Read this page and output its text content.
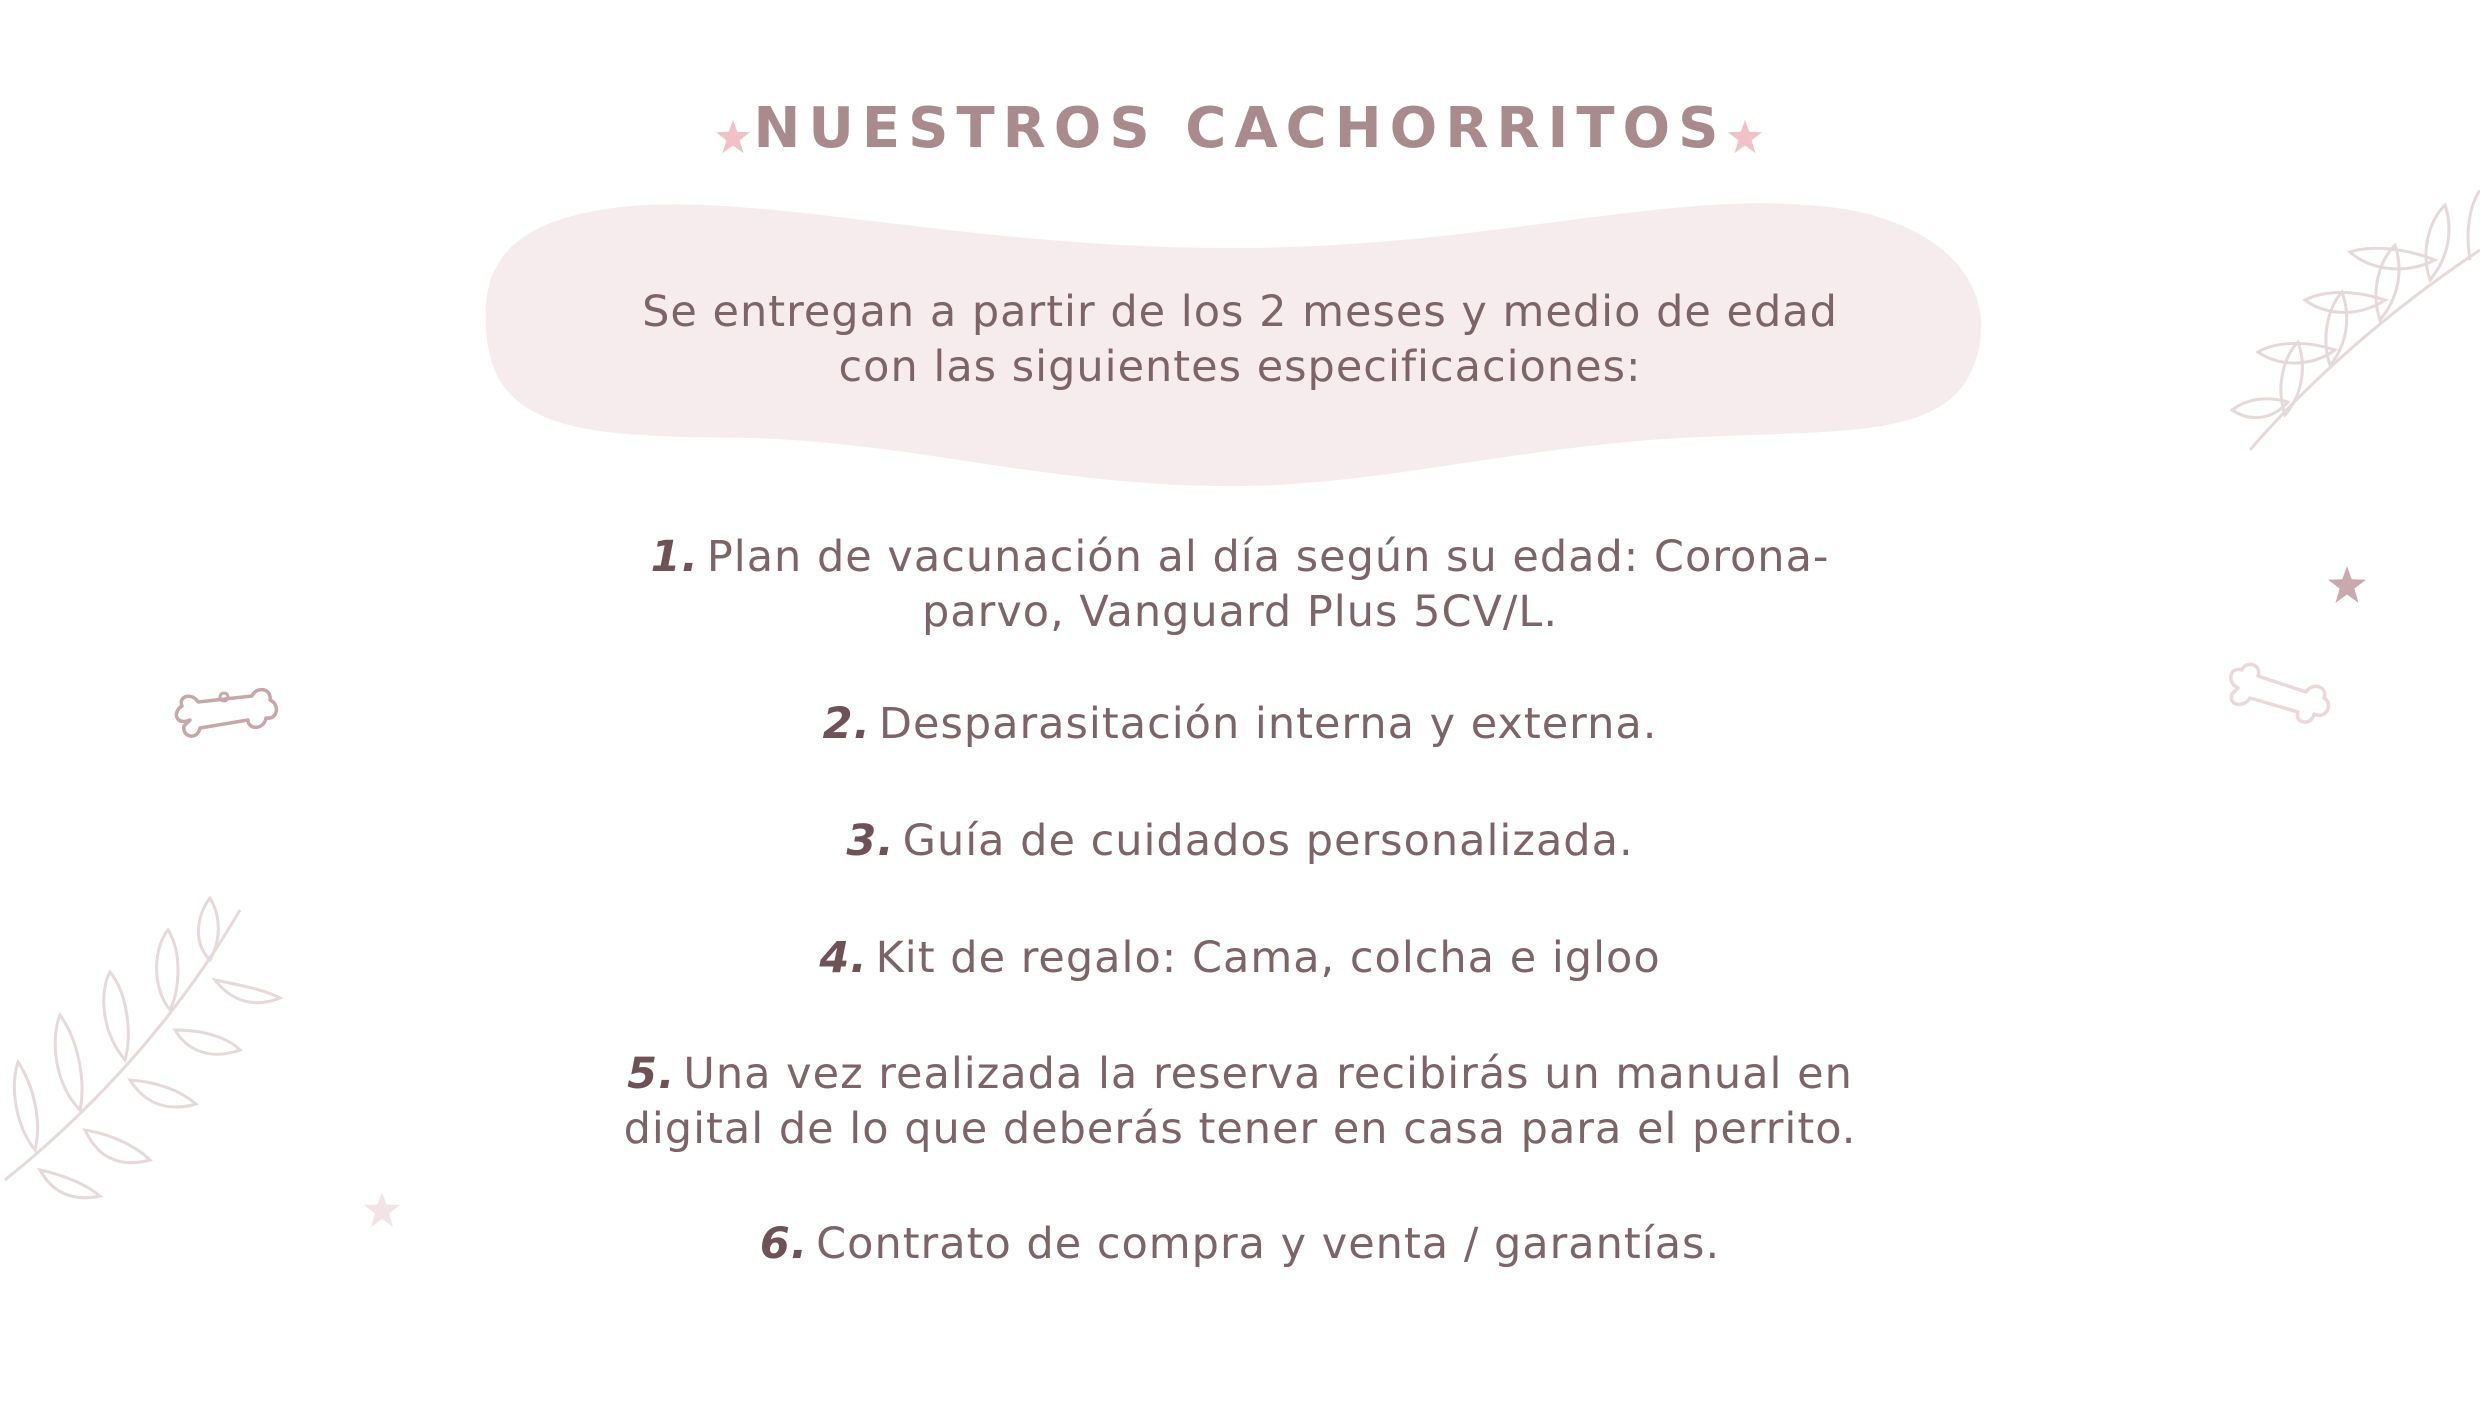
NUESTROS CACHORRITOS
Se entregan a partir de los 2 meses y medio de edad
con las siguientes especificaciones:
1. Plan de vacunación al día según su edad: Corona-
parvo, Vanguard Plus 5CV/L.
2. Desparasitación interna y externa.
3. Guía de cuidados personalizada.
4. Kit de regalo: Cama, colcha e igloo
5. Una vez realizada la reserva recibirás un manual en
digital de lo que deberás tener en casa para el perrito.
6. Contrato de compra y venta / garantías.
